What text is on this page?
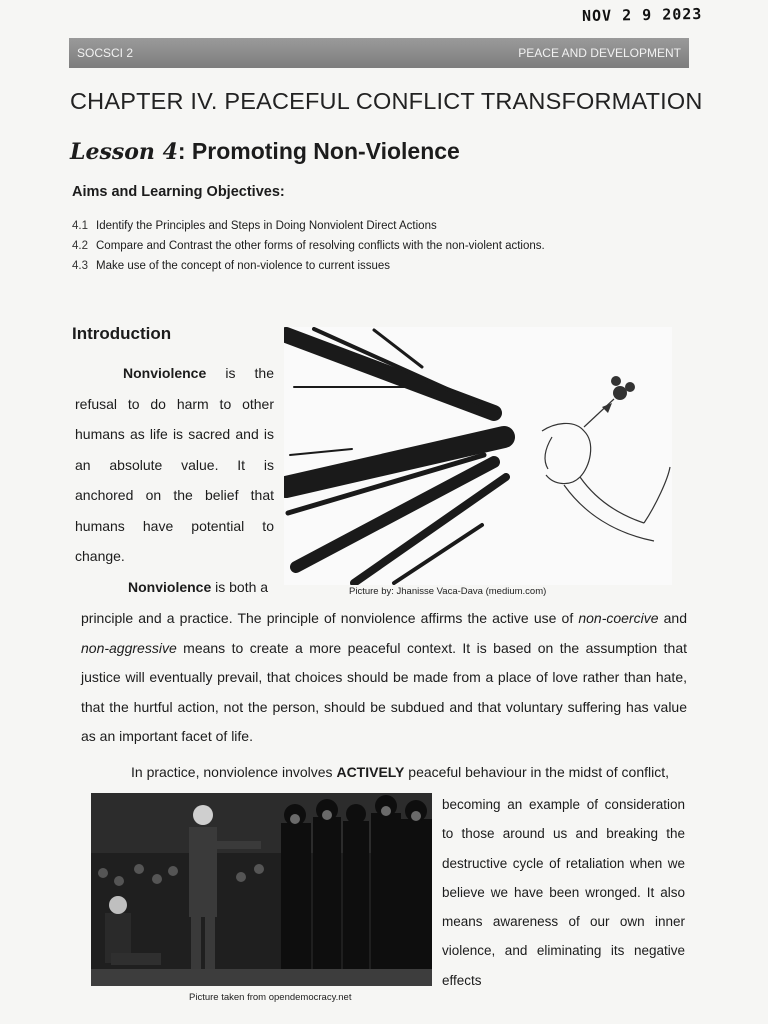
NOV 2 9 2023
SOCSCI 2	PEACE AND DEVELOPMENT
CHAPTER IV. PEACEFUL CONFLICT TRANSFORMATION
Lesson 4: Promoting Non-Violence
Aims and Learning Objectives:
4.1 Identify the Principles and Steps in Doing Nonviolent Direct Actions
4.2 Compare and Contrast the other forms of resolving conflicts with the non-violent actions.
4.3 Make use of the concept of non-violence to current issues
Introduction

Nonviolence is the refusal to do harm to other humans as life is sacred and is an absolute value. It is anchored on the belief that humans have potential to change.

Picture by: Jhanisse Vaca-Dava (medium.com)
Nonviolence is both a

principle and a practice. The principle of nonviolence affirms the active use of non-coercive and non-aggressive means to create a more peaceful context. It is based on the assumption that justice will eventually prevail, that choices should be made from a place of love rather than hate, that the hurtful action, not the person, should be subdued and that voluntary suffering has value as an important facet of life.

In practice, nonviolence involves ACTIVELY peaceful behaviour in the midst of conflict,
Picture taken from opendemocracy.net

becoming an example of consideration to those around us and breaking the destructive cycle of retaliation when we believe we have been wronged. It also means awareness of our own inner violence, and eliminating its negative effects
